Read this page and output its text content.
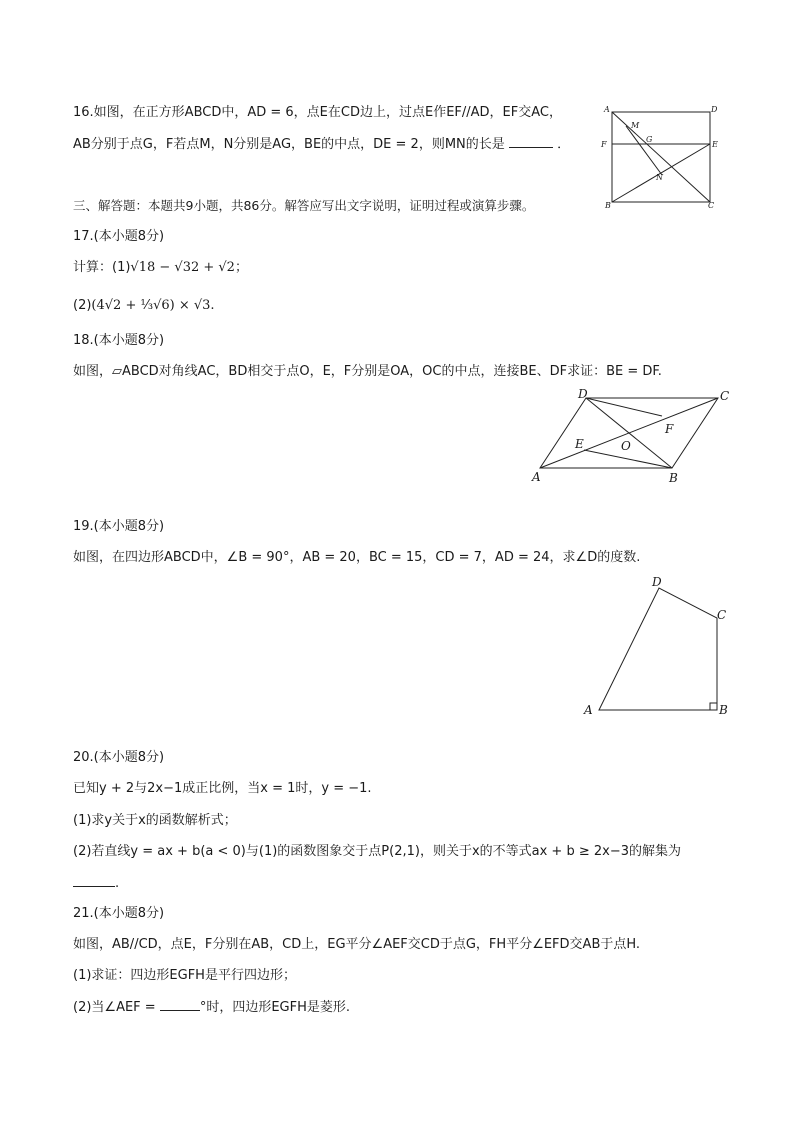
16.如图，在正方形ABCD中，AD = 6，点E在CD边上，过点E作EF//AD，EF交AC，
AB分别于点G，F若点M，N分别是AG，BE的中点，DE = 2，则MN的长是	．
A	D
M
G
F	E
N
B	C
三、解答题：本题共9小题，共86分。解答应写出文字说明，证明过程或演算步骤。
17.(本小题8分)
计算：(1)√18 − √32 + √2；
(2)(4√2 + ⅓√6) × √3.
18.(本小题8分)
如图，▱ABCD对角线AC，BD相交于点O，E，F分别是OA，OC的中点，连接BE、DF求证：BE = DF.
D	C
F
E	O
A	B
19.(本小题8分)
如图，在四边形ABCD中，∠B = 90°，AB = 20，BC = 15，CD = 7，AD = 24，求∠D的度数.
D
C
A	B
20.(本小题8分)
已知y + 2与2x−1成正比例，当x = 1时，y = −1.
(1)求y关于x的函数解析式；
(2)若直线y = ax + b(a < 0)与(1)的函数图象交于点P(2,1)，则关于x的不等式ax + b ≥ 2x−3的解集为
.
21.(本小题8分)
如图，AB//CD，点E，F分别在AB，CD上，EG平分∠AEF交CD于点G，FH平分∠EFD交AB于点H.
(1)求证：四边形EGFH是平行四边形；
(2)当∠AEF =	°时，四边形EGFH是菱形.
